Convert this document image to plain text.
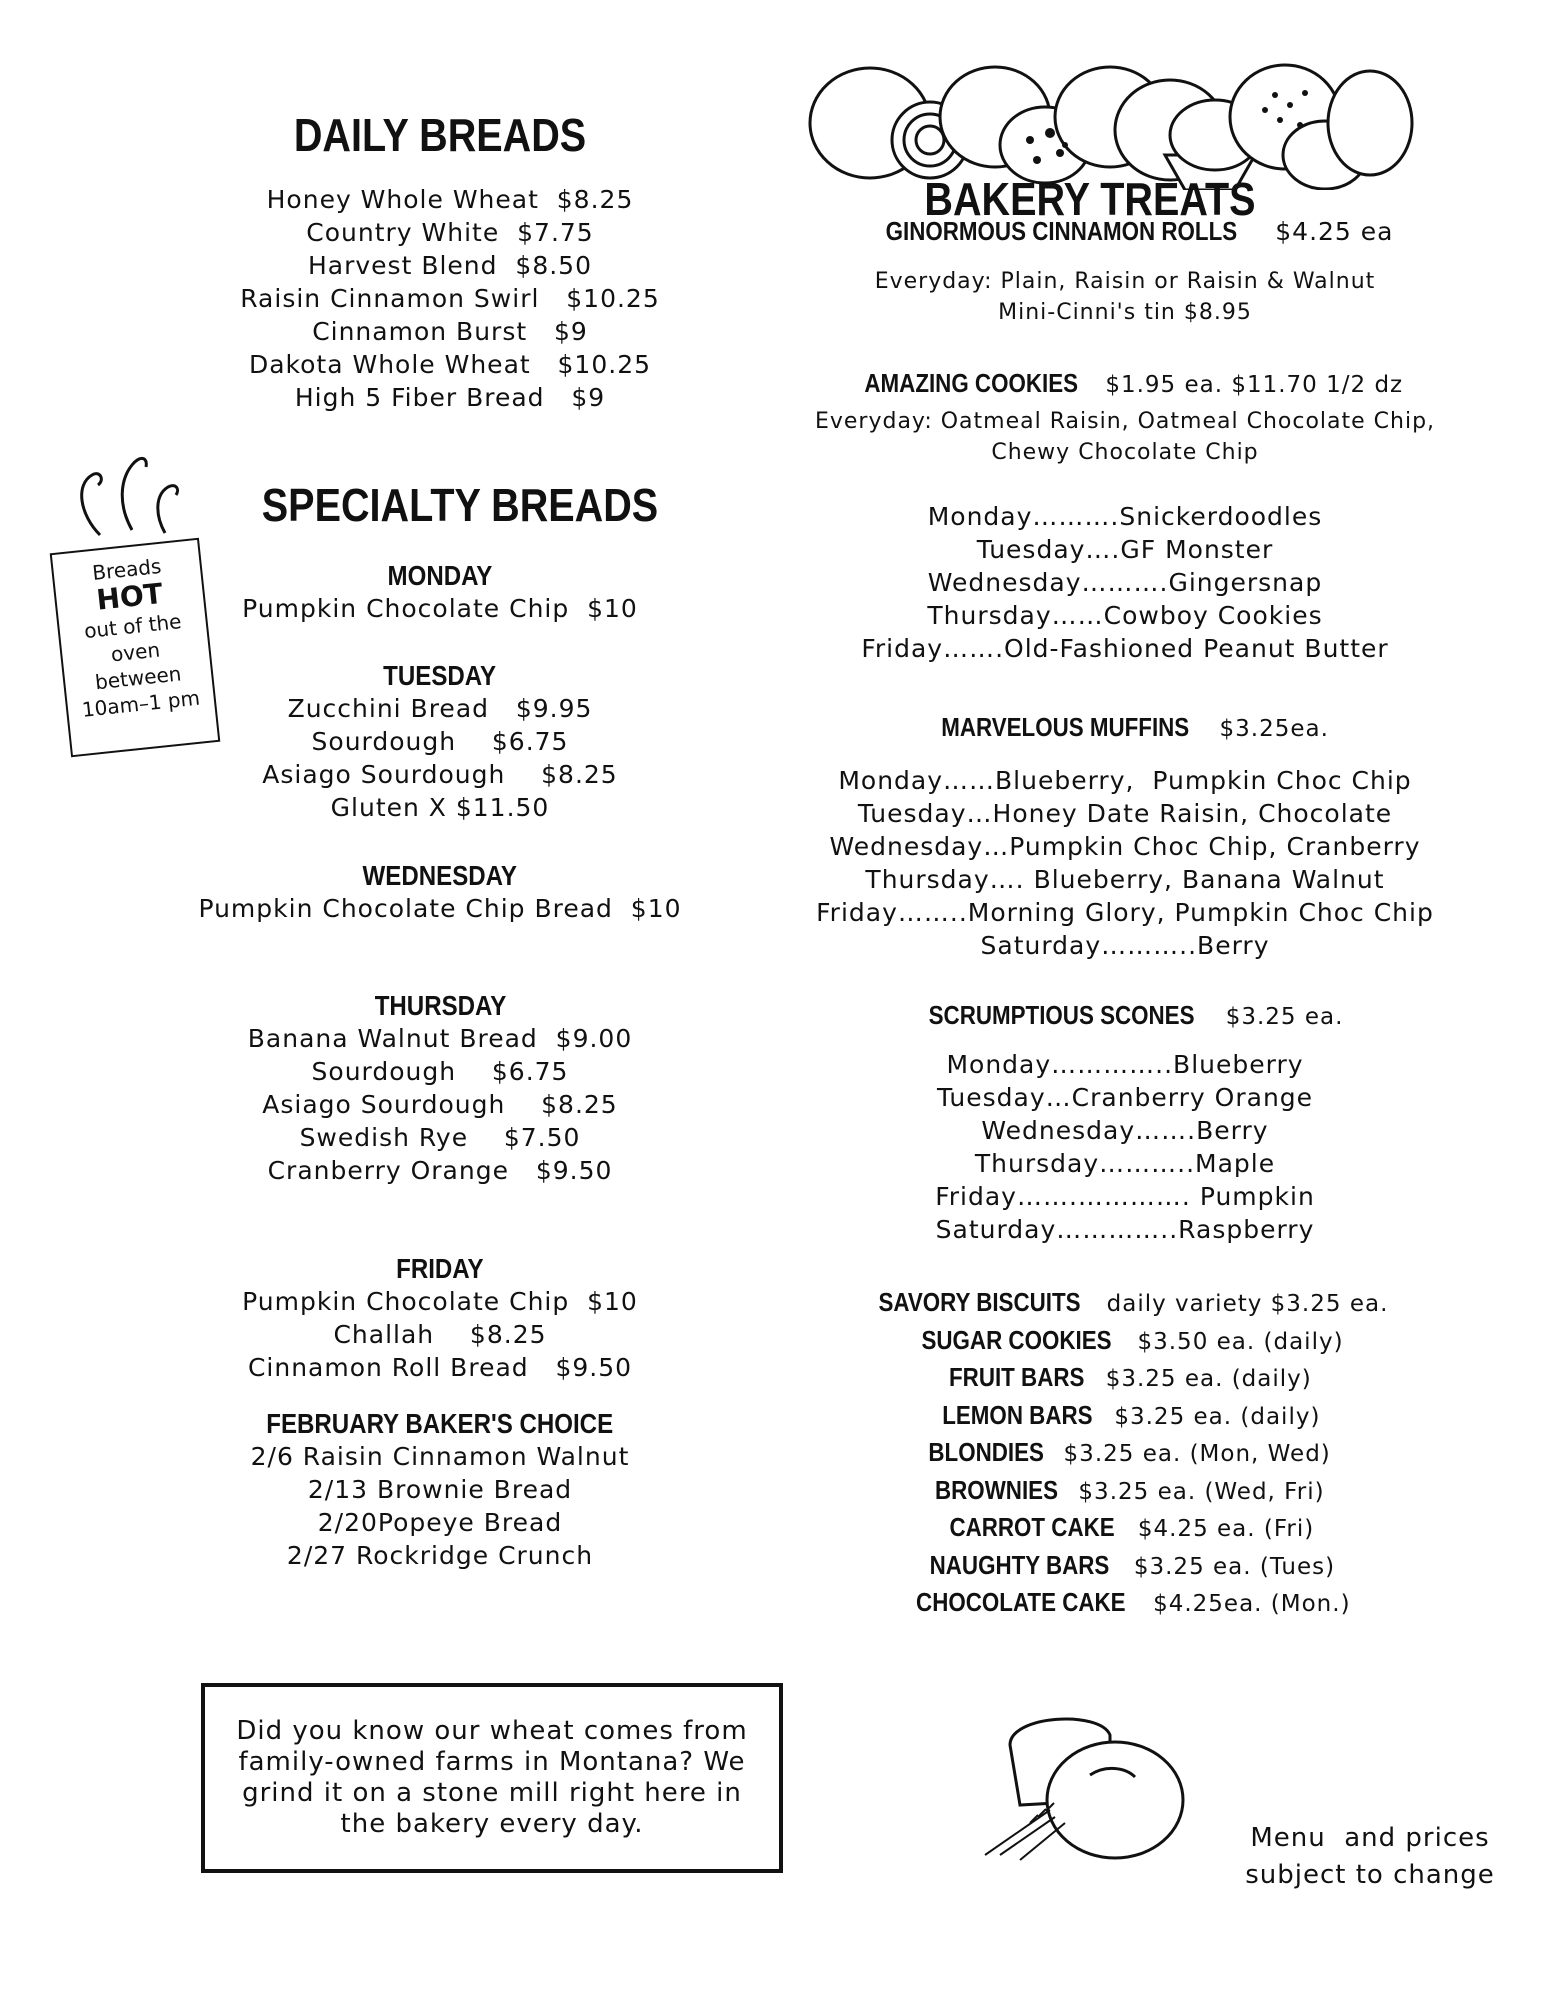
DAILY BREADS
Honey Whole Wheat  $8.25
Country White  $7.75
Harvest Blend  $8.50
Raisin Cinnamon Swirl   $10.25
Cinnamon Burst   $9
Dakota Whole Wheat   $10.25
High 5 Fiber Bread   $9
SPECIALTY BREADS
Breads
HOT
out of the
oven
between
10am–1 pm
MONDAY
Pumpkin Chocolate Chip  $10
TUESDAY
Zucchini Bread   $9.95
Sourdough    $6.75
Asiago Sourdough    $8.25
Gluten X $11.50
WEDNESDAY
Pumpkin Chocolate Chip Bread  $10
THURSDAY
Banana Walnut Bread  $9.00
Sourdough    $6.75
Asiago Sourdough    $8.25
Swedish Rye    $7.50
Cranberry Orange   $9.50
FRIDAY
Pumpkin Chocolate Chip  $10
Challah    $8.25
Cinnamon Roll Bread   $9.50
FEBRUARY BAKER'S CHOICE
2/6 Raisin Cinnamon Walnut
2/13 Brownie Bread
2/20Popeye Bread
2/27 Rockridge Crunch
Did you know our wheat comes from
family-owned farms in Montana? We
grind it on a stone mill right here in
the bakery every day.
BAKERY TREATS
GINORMOUS CINNAMON ROLLS $4.25 ea
Everyday: Plain, Raisin or Raisin & Walnut
Mini-Cinni's tin $8.95
AMAZING COOKIES $1.95 ea. $11.70 1/2 dz
Everyday: Oatmeal Raisin, Oatmeal Chocolate Chip,
Chewy Chocolate Chip
Monday……….Snickerdoodles
Tuesday….GF Monster
Wednesday……….Gingersnap
Thursday……Cowboy Cookies
Friday…….Old-Fashioned Peanut Butter
MARVELOUS MUFFINS $3.25ea.
Monday……Blueberry,  Pumpkin Choc Chip
Tuesday…Honey Date Raisin, Chocolate
Wednesday…Pumpkin Choc Chip, Cranberry
Thursday…. Blueberry, Banana Walnut
Friday……..Morning Glory, Pumpkin Choc Chip
Saturday………..Berry
SCRUMPTIOUS SCONES $3.25 ea.
Monday…………..Blueberry
Tuesday…Cranberry Orange
Wednesday…….Berry
Thursday………..Maple
Friday…….…………. Pumpkin
Saturday…………..Raspberry
SAVORY BISCUITS daily variety $3.25 ea.
SUGAR COOKIES $3.50 ea. (daily)
FRUIT BARS $3.25 ea. (daily)
LEMON BARS $3.25 ea. (daily)
BLONDIES $3.25 ea. (Mon, Wed)
BROWNIES $3.25 ea. (Wed, Fri)
CARROT CAKE $4.25 ea. (Fri)
NAUGHTY BARS $3.25 ea. (Tues)
CHOCOLATE CAKE $4.25ea. (Mon.)
Menu  and prices
subject to change
